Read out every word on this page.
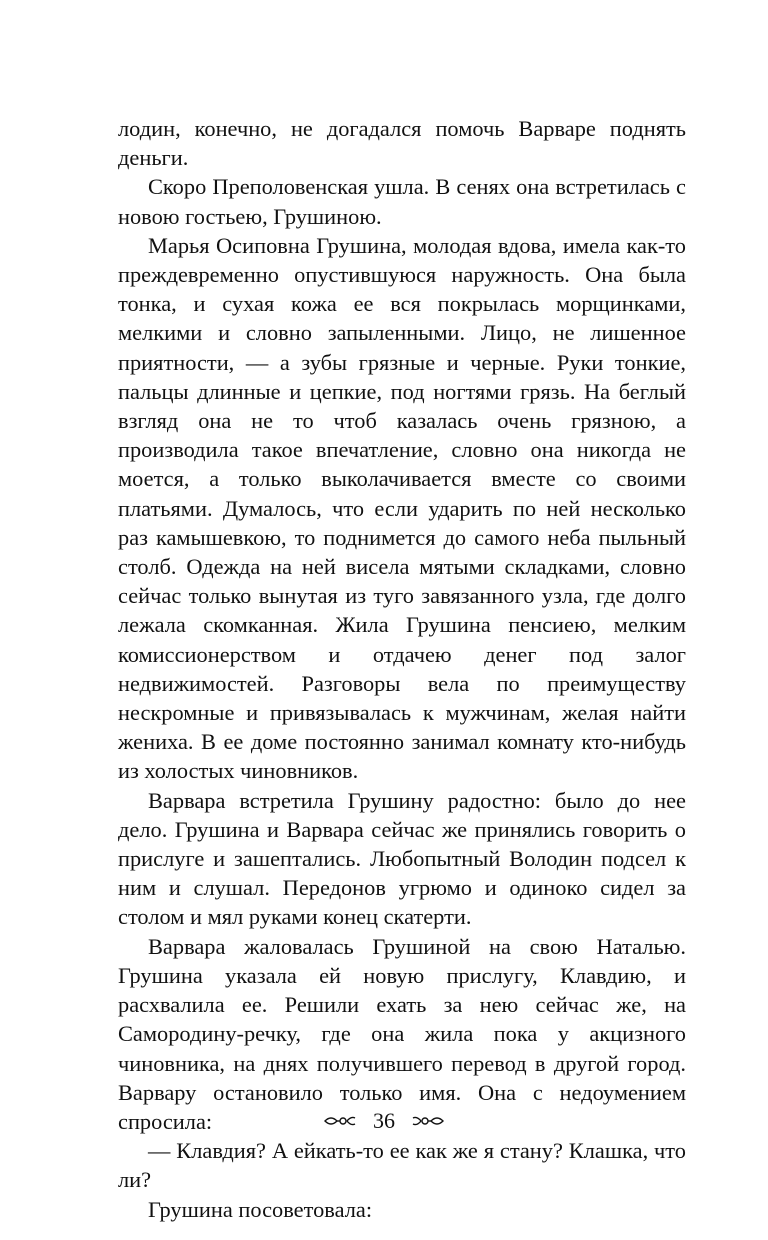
лодин, конечно, не догадался помочь Варваре поднять деньги.

Скоро Преполовенская ушла. В сенях она встретилась с новою гостьею, Грушиною.

Марья Осиповна Грушина, молодая вдова, имела как-то преждевременно опустившуюся наружность. Она была тонка, и сухая кожа ее вся покрылась морщинками, мелкими и словно запыленными. Лицо, не лишенное приятности, — а зубы грязные и черные. Руки тонкие, пальцы длинные и цепкие, под ногтями грязь. На беглый взгляд она не то чтоб казалась очень грязною, а производила такое впечатление, словно она никогда не моется, а только выколачивается вместе со своими платьями. Думалось, что если ударить по ней несколько раз камышевкою, то поднимется до самого неба пыльный столб. Одежда на ней висела мятыми складками, словно сейчас только вынутая из туго завязанного узла, где долго лежала скомканная. Жила Грушина пенсиею, мелким комиссионерством и отдачею денег под залог недвижимостей. Разговоры вела по преимуществу нескромные и привязывалась к мужчинам, желая найти жениха. В ее доме постоянно занимал комнату кто-нибудь из холостых чиновников.

Варвара встретила Грушину радостно: было до нее дело. Грушина и Варвара сейчас же принялись говорить о прислуге и зашептались. Любопытный Володин подсел к ним и слушал. Передонов угрюмо и одиноко сидел за столом и мял руками конец скатерти.

Варвара жаловалась Грушиной на свою Наталью. Грушина указала ей новую прислугу, Клавдию, и расхвалила ее. Решили ехать за нею сейчас же, на Самородину-речку, где она жила пока у акцизного чиновника, на днях получившего перевод в другой город. Варвару остановило только имя. Она с недоумением спросила:

— Клавдия? А ейкать-то ее как же я стану? Клашка, что ли?

Грушина посоветовала:

36
